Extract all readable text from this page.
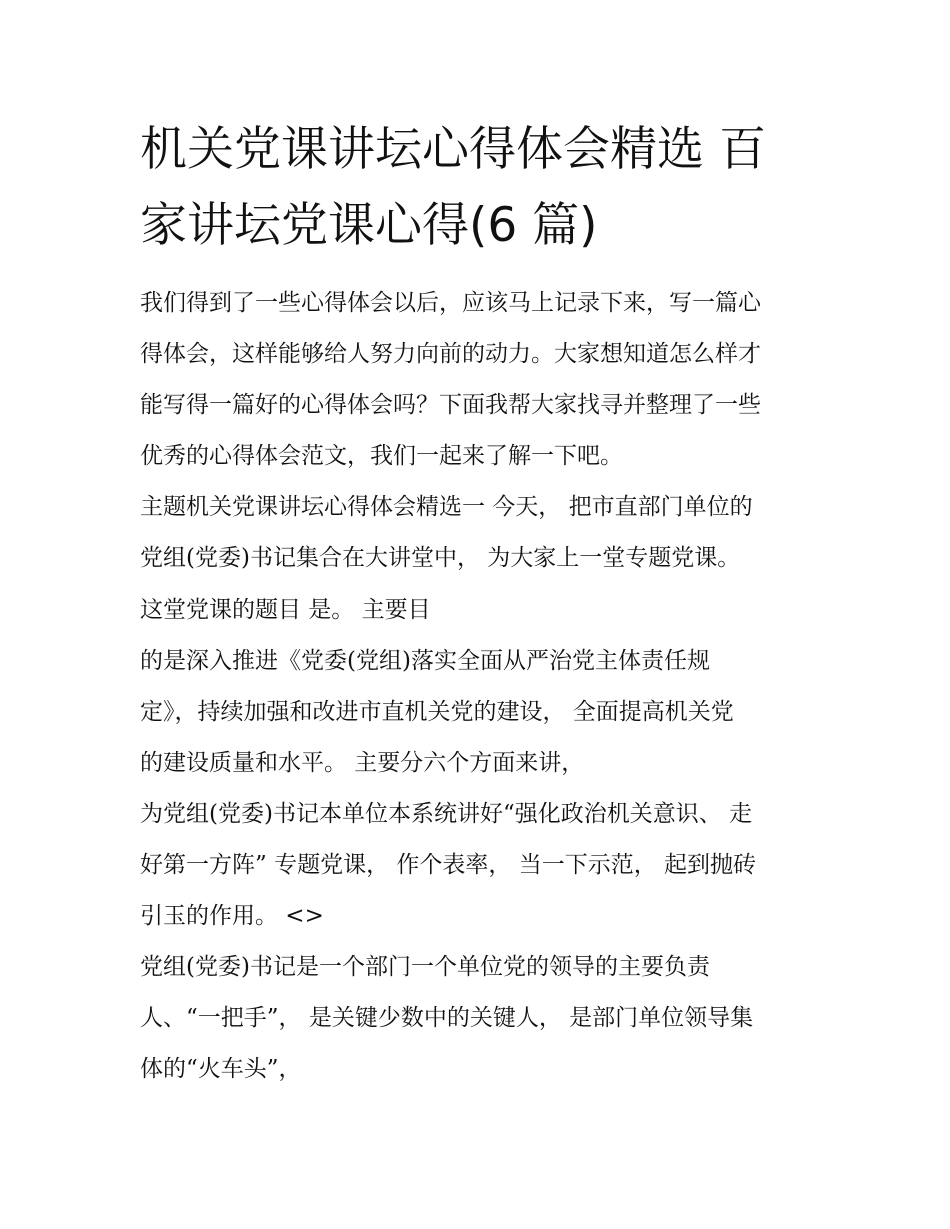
机关党课讲坛心得体会精选 百
家讲坛党课心得(6 篇)
我们得到了一些心得体会以后，应该马上记录下来，写一篇心
得体会，这样能够给人努力向前的动力。大家想知道怎么样才
能写得一篇好的心得体会吗？下面我帮大家找寻并整理了一些
优秀的心得体会范文，我们一起来了解一下吧。
主题机关党课讲坛心得体会精选一 今天， 把市直部门单位的
党组(党委)书记集合在大讲堂中， 为大家上一堂专题党课。
这堂党课的题目 是。 主要目
的是深入推进《党委(党组)落实全面从严治党主体责任规
定》，持续加强和改进市直机关党的建设， 全面提高机关党
的建设质量和水平。 主要分六个方面来讲，
为党组(党委)书记本单位本系统讲好“强化政治机关意识、 走
好第一方阵” 专题党课， 作个表率， 当一下示范， 起到抛砖
引玉的作用。 <>
党组(党委)书记是一个部门一个单位党的领导的主要负责
人、“一把手”， 是关键少数中的关键人， 是部门单位领导集
体的“火车头”，
